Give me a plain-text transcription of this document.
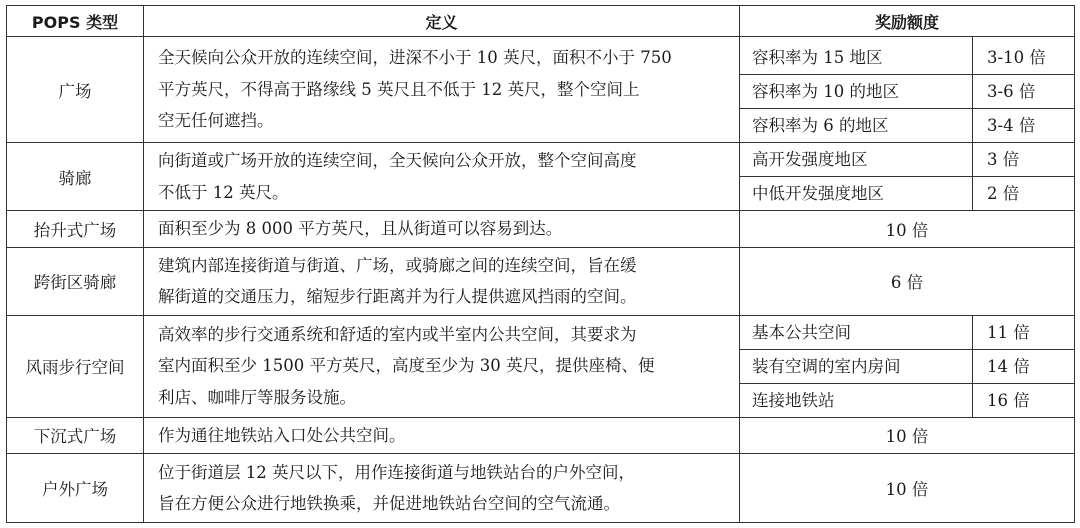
POPS 类型	定义	奖励额度	
广场	全天候向公众开放的连续空间，进深不小于 10 英尺，面积不小于 750
平方英尺，不得高于路缘线 5 英尺且不低于 12 英尺，整个空间上
空无任何遮挡。	容积率为 15 地区	3-10 倍
		容积率为 10 的地区	3-6 倍
		容积率为 6 的地区	3-4 倍
骑廊	向街道或广场开放的连续空间，全天候向公众开放，整个空间高度
不低于 12 英尺。	高开发强度地区	3 倍
		中低开发强度地区	2 倍
抬升式广场	面积至少为 8 000 平方英尺，且从街道可以容易到达。	10 倍	
跨街区骑廊	建筑内部连接街道与街道、广场，或骑廊之间的连续空间，旨在缓
解街道的交通压力，缩短步行距离并为行人提供遮风挡雨的空间。	6 倍	
风雨步行空间	高效率的步行交通系统和舒适的室内或半室内公共空间，其要求为
室内面积至少 1500 平方英尺，高度至少为 30 英尺，提供座椅、便
利店、咖啡厅等服务设施。	基本公共空间	11 倍
		装有空调的室内房间	14 倍
		连接地铁站	16 倍
下沉式广场	作为通往地铁站入口处公共空间。	10 倍	
户外广场	位于街道层 12 英尺以下，用作连接街道与地铁站台的户外空间，
旨在方便公众进行地铁换乘，并促进地铁站台空间的空气流通。	10 倍	
